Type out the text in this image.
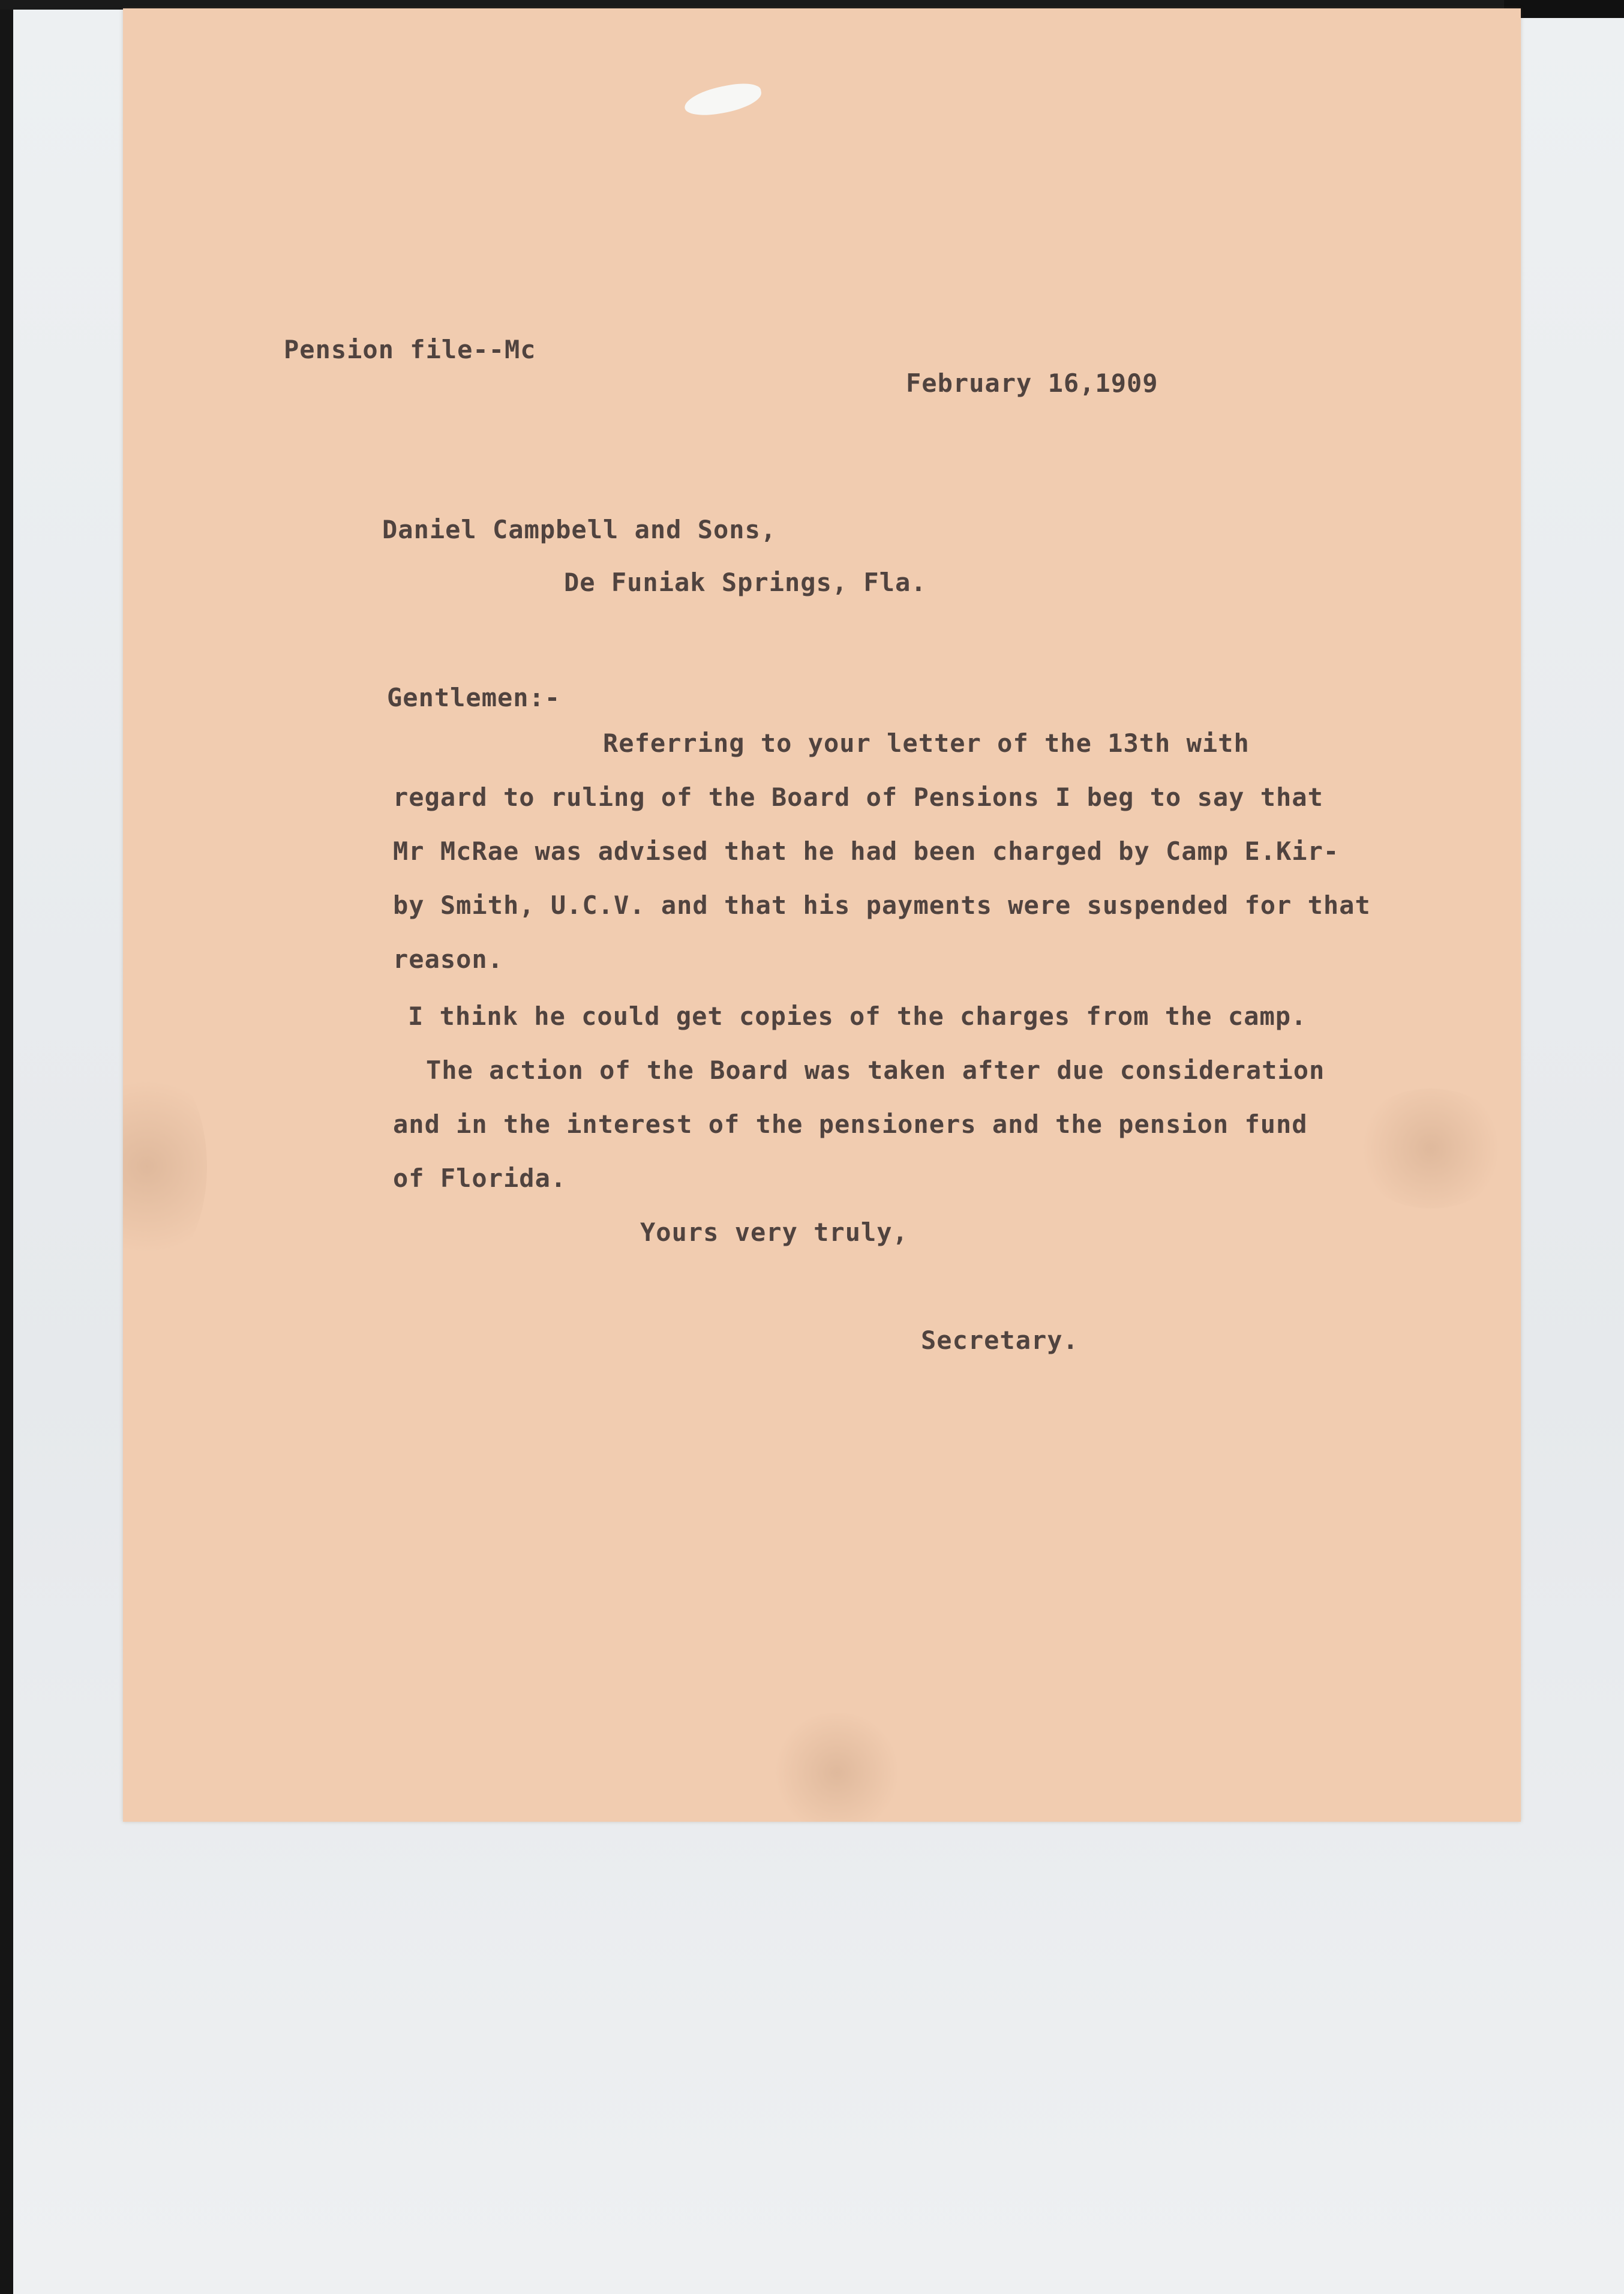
Pension file--Mc

February 16,1909

Daniel Campbell and Sons,

De Funiak Springs, Fla.

Gentlemen:-

Referring to your letter of the 13th with

regard to ruling of the Board of Pensions I beg to say that

Mr McRae was advised that he had been charged by Camp E.Kir-

by Smith, U.C.V. and that his payments were suspended for that

reason.

I think he could get copies of the charges from the camp.

The action of the Board was taken after due consideration

and in the interest of the pensioners and the pension fund

of Florida.

Yours very truly,

Secretary.
